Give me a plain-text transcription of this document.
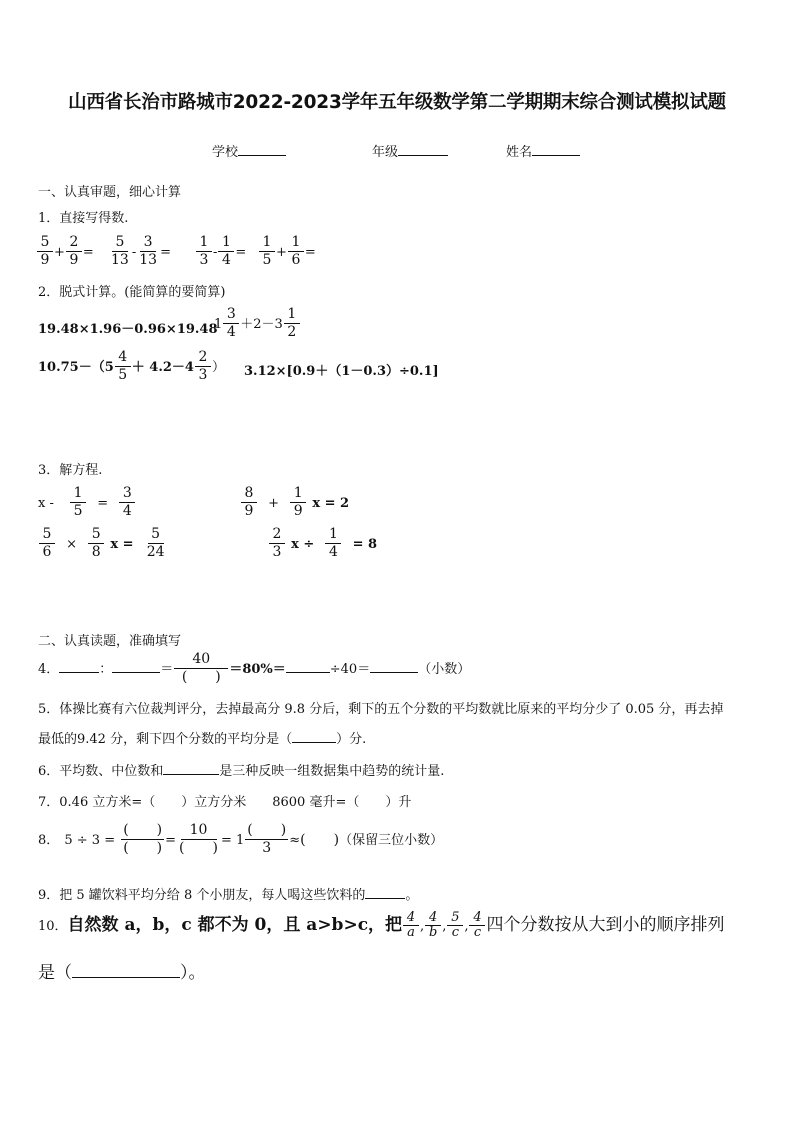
山西省长治市路城市2022-2023学年五年级数学第二学期期末综合测试模拟试题
学校	年级	姓名
一、认真审题，细心计算
1．直接写得数.
$\frac{5}{9} + \frac{2}{9} = \frac{5}{13} - \frac{3}{13} = \frac{1}{3} - \frac{1}{4} = \frac{1}{5} + \frac{1}{6}$ =
2．脱式计算。(能简算的要简算)
19.48×1.96－0.96×19.48
$1 \frac{3}{4} +2-3 \frac{1}{2}$
$10.75-(5 \frac{4}{5} + 4.2-4 \frac{2}{3}$ ） 3.12×[0.9＋（1－0.3）÷0.1]
3．解方程.
$x - \frac{1}{5} = \frac{3}{4}$	$\frac{8}{9} + \frac{1}{9}$ x = 2
$\frac{5}{6} \times \frac{5}{8}$ $x = \frac{5}{24}$	$\frac{2}{3}$ $x \div \frac{1}{4} = 8$
二、认真读题，准确填写
4．	：	＝ $\frac{40}{( )} =80\%=$	÷40＝	（小数）
5．体操比赛有六位裁判评分，去掉最高分 9.8 分后，剩下的五个分数的平均数就比原来的平均分少了 0.05 分，再去掉
最低的9.42 分，剩下四个分数的平均分是（	）分.
6．平均数、中位数和	是三种反映一组数据集中趋势的统计量.
7．0.46 立方米=（　　）立方分米　　8600 毫升=（　　）升
8． $5 \div 3 = \frac{( )}{( )} = \frac{10}{( )} = 1 \frac{( )}{3}$ ≈(　　)（保留三位小数）
9．把 5 罐饮料平均分给 8 个小朋友，每人喝这些饮料的	。
10．自然数 a，b，c 都不为 0，且 a>b>c，把 $\frac{4}{a}$ , $\frac{4}{b}$ , $\frac{5}{c}$ , $\frac{4}{c}$ 四个分数按从大到小的顺序排列
是（	）。
